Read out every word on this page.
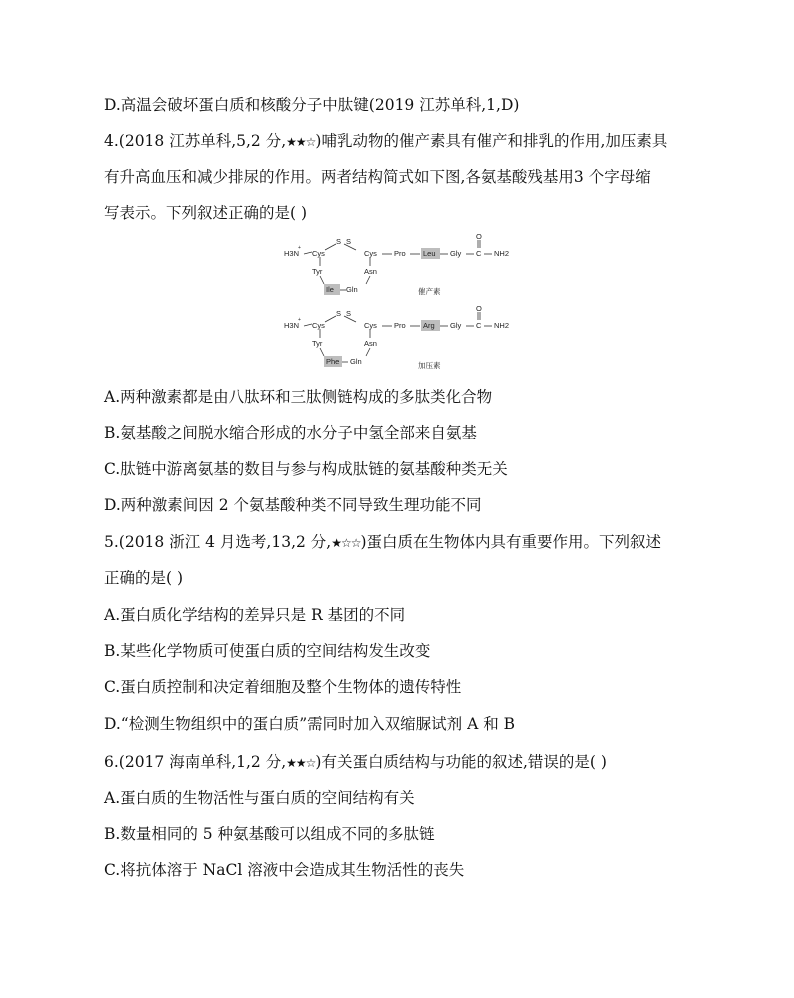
D.高温会破坏蛋白质和核酸分子中肽键(2019 江苏单科,1,D)
4.(2018 江苏单科,5,2 分,★★☆)哺乳动物的催产素具有催产和排乳的作用,加压素具
有升高血压和减少排尿的作用。两者结构简式如下图,各氨基酸残基用3 个字母缩
写表示。下列叙述正确的是( )
H3N
+
S S
Cys	Cys
Tyr	Asn
Ile Gln
Pro Leu Gly C
O
NH2
催产素
H3N
+
S S
Cys	Cys
Tyr	Asn
Phe Gln
Pro Arg Gly C
O
NH2
加压素
A.两种激素都是由八肽环和三肽侧链构成的多肽类化合物
B.氨基酸之间脱水缩合形成的水分子中氢全部来自氨基
C.肽链中游离氨基的数目与参与构成肽链的氨基酸种类无关
D.两种激素间因 2 个氨基酸种类不同导致生理功能不同
5.(2018 浙江 4 月选考,13,2 分,★☆☆)蛋白质在生物体内具有重要作用。下列叙述
正确的是( )
A.蛋白质化学结构的差异只是 R 基团的不同
B.某些化学物质可使蛋白质的空间结构发生改变
C.蛋白质控制和决定着细胞及整个生物体的遗传特性
D.“检测生物组织中的蛋白质”需同时加入双缩脲试剂 A 和 B
6.(2017 海南单科,1,2 分,★★☆)有关蛋白质结构与功能的叙述,错误的是( )
A.蛋白质的生物活性与蛋白质的空间结构有关
B.数量相同的 5 种氨基酸可以组成不同的多肽链
C.将抗体溶于 NaCl 溶液中会造成其生物活性的丧失
